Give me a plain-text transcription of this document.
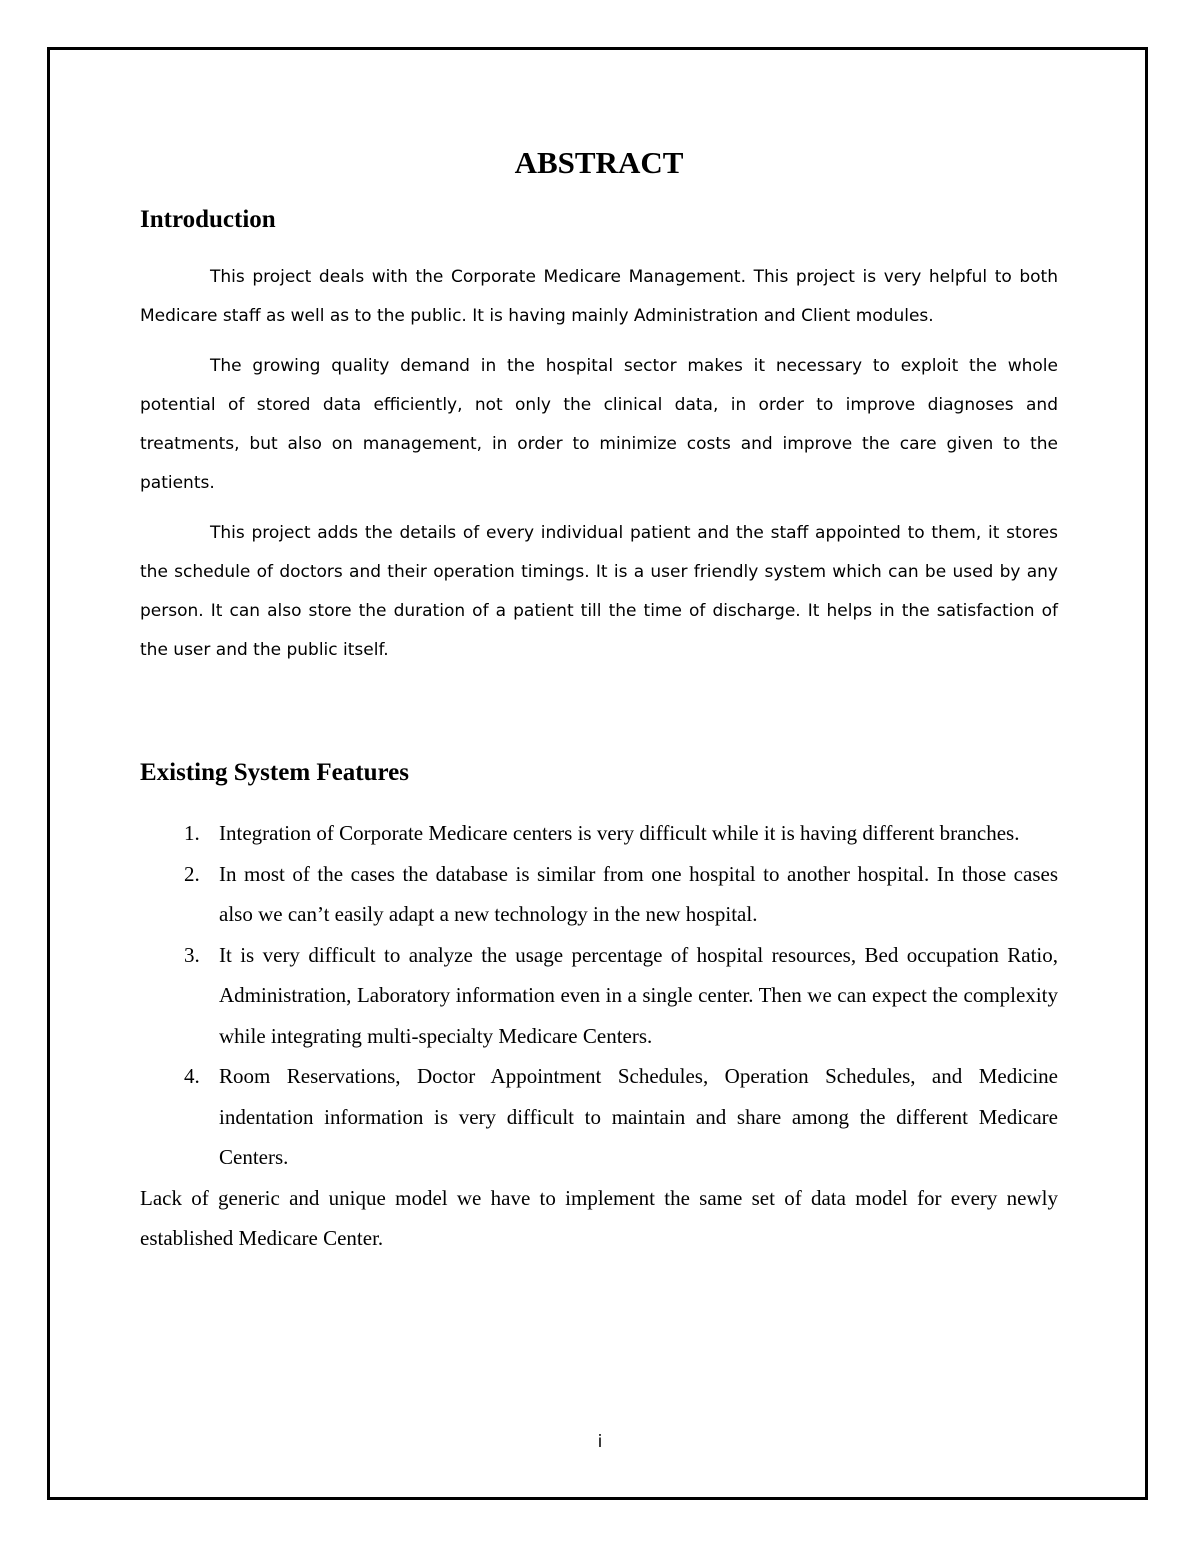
ABSTRACT
Introduction

This project deals with the Corporate Medicare Management. This project is very helpful to both Medicare staff as well as to the public. It is having mainly Administration and Client modules.

The growing quality demand in the hospital sector makes it necessary to exploit the whole potential of stored data efficiently, not only the clinical data, in order to improve diagnoses and treatments, but also on management, in order to minimize costs and improve the care given to the patients.

This project adds the details of every individual patient and the staff appointed to them, it stores the schedule of doctors and their operation timings. It is a user friendly system which can be used by any person. It can also store the duration of a patient till the time of discharge. It helps in the satisfaction of the user and the public itself.

Existing System Features
1. Integration of Corporate Medicare centers is very difficult while it is having different branches.
2. In most of the cases the database is similar from one hospital to another hospital. In those cases also we can’t easily adapt a new technology in the new hospital.
3. It is very difficult to analyze the usage percentage of hospital resources, Bed occupation Ratio, Administration, Laboratory information even in a single center. Then we can expect the complexity while integrating multi-specialty Medicare Centers.
4. Room Reservations, Doctor Appointment Schedules, Operation Schedules, and Medicine indentation information is very difficult to maintain and share among the different Medicare Centers.

Lack of generic and unique model we have to implement the same set of data model for every newly established Medicare Center.

i
